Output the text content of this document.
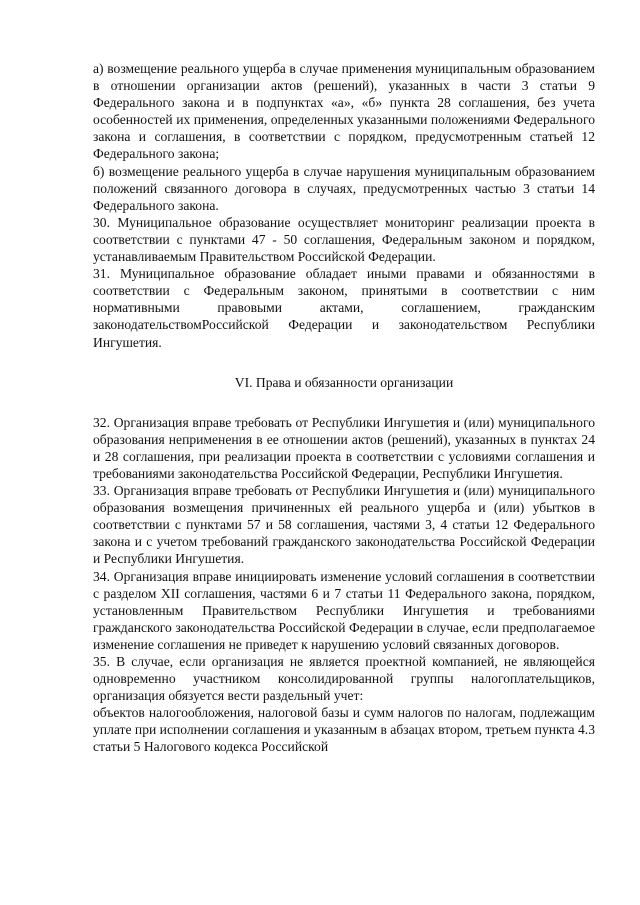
а) возмещение реального ущерба в случае применения муниципальным образованием в отношении организации актов (решений), указанных в части 3 статьи 9 Федерального закона и в подпунктах «а», «б» пункта 28 соглашения, без учета особенностей их применения, определенных указанными положениями Федерального закона и соглашения, в соответствии с порядком, предусмотренным статьей 12 Федерального закона;

б) возмещение реального ущерба в случае нарушения муниципальным образованием положений связанного договора в случаях, предусмотренных частью 3 статьи 14 Федерального закона.

30. Муниципальное образование осуществляет мониторинг реализации проекта в соответствии с пунктами 47 - 50 соглашения, Федеральным законом и порядком, устанавливаемым Правительством Российской Федерации.

31. Муниципальное образование обладает иными правами и обязанностями в соответствии с Федеральным законом, принятыми в соответствии с ним нормативными правовыми актами, соглашением, гражданским законодательствомРоссийской Федерации и законодательством Республики Ингушетия.

VI. Права и обязанности организации

32. Организация вправе требовать от Республики Ингушетия и (или) муниципального образования неприменения в ее отношении актов (решений), указанных в пунктах 24 и 28 соглашения, при реализации проекта в соответствии с условиями соглашения и требованиями законодательства Российской Федерации, Республики Ингушетия.

33. Организация вправе требовать от Республики Ингушетия и (или) муниципального образования возмещения причиненных ей реального ущерба и (или) убытков в соответствии с пунктами 57 и 58 соглашения, частями 3, 4 статьи 12 Федерального закона и с учетом требований гражданского законодательства Российской Федерации и Республики Ингушетия.

34. Организация вправе инициировать изменение условий соглашения в соответствии с разделом XII соглашения, частями 6 и 7 статьи 11 Федерального закона, порядком, установленным Правительством Республики Ингушетия и требованиями гражданского законодательства Российской Федерации в случае, если предполагаемое изменение соглашения не приведет к нарушению условий связанных договоров.

35. В случае, если организация не является проектной компанией, не являющейся одновременно участником консолидированной группы налогоплательщиков, организация обязуется вести раздельный учет:

объектов налогообложения, налоговой базы и сумм налогов по налогам, подлежащим уплате при исполнении соглашения и указанным в абзацах втором, третьем пункта 4.3 статьи 5 Налогового кодекса Российской
